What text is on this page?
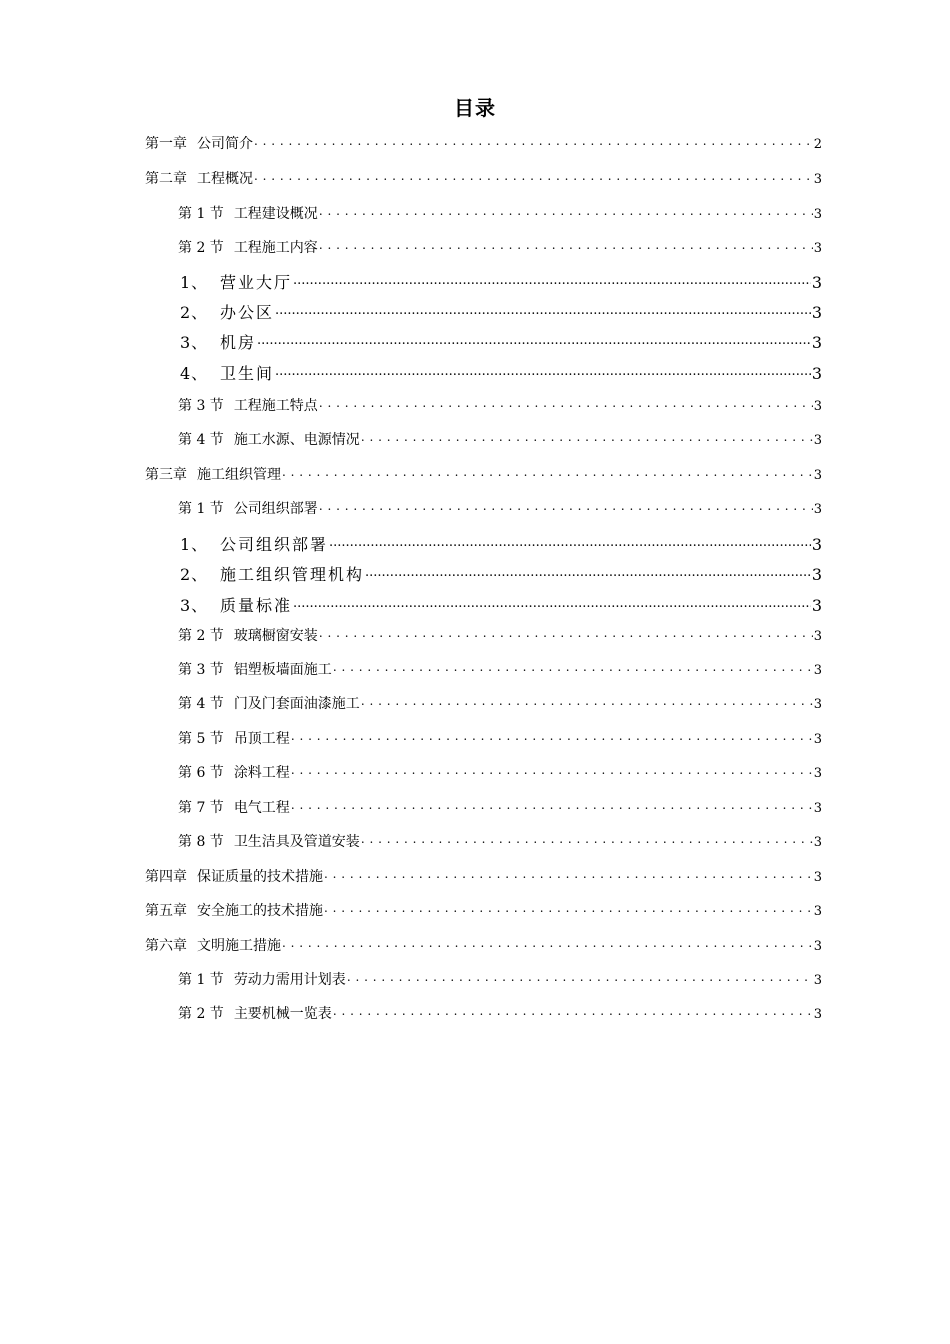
目录
第一章 公司简介 . . .	2
第二章 工程概况 . . .	3
第 1 节 工程建设概况 . . .	3
第 2 节 工程施工内容 . . .	3
1、 营业大厅 .....	3
2、 办公区 .....	3
3、 机房 .....	3
4、 卫生间 .....	3
第 3 节 工程施工特点 . . .	3
第 4 节 施工水源、电源情况 . . .	3
第三章 施工组织管理 . . .	3
第 1 节 公司组织部署 . . .	3
1、 公司组织部署 .....	3
2、 施工组织管理机构 .....	3
3、 质量标准 .....	3
第 2 节 玻璃橱窗安装 . . .	3
第 3 节 铝塑板墙面施工 . . .	3
第 4 节 门及门套面油漆施工 . . .	3
第 5 节 吊顶工程 . . .	3
第 6 节 涂料工程 . . .	3
第 7 节 电气工程 . . .	3
第 8 节 卫生洁具及管道安装 . . .	3
第四章 保证质量的技术措施 . . .	3
第五章 安全施工的技术措施 . . .	3
第六章 文明施工措施 . . .	3
第 1 节 劳动力需用计划表 . . .	3
第 2 节 主要机械一览表 . . .	3
